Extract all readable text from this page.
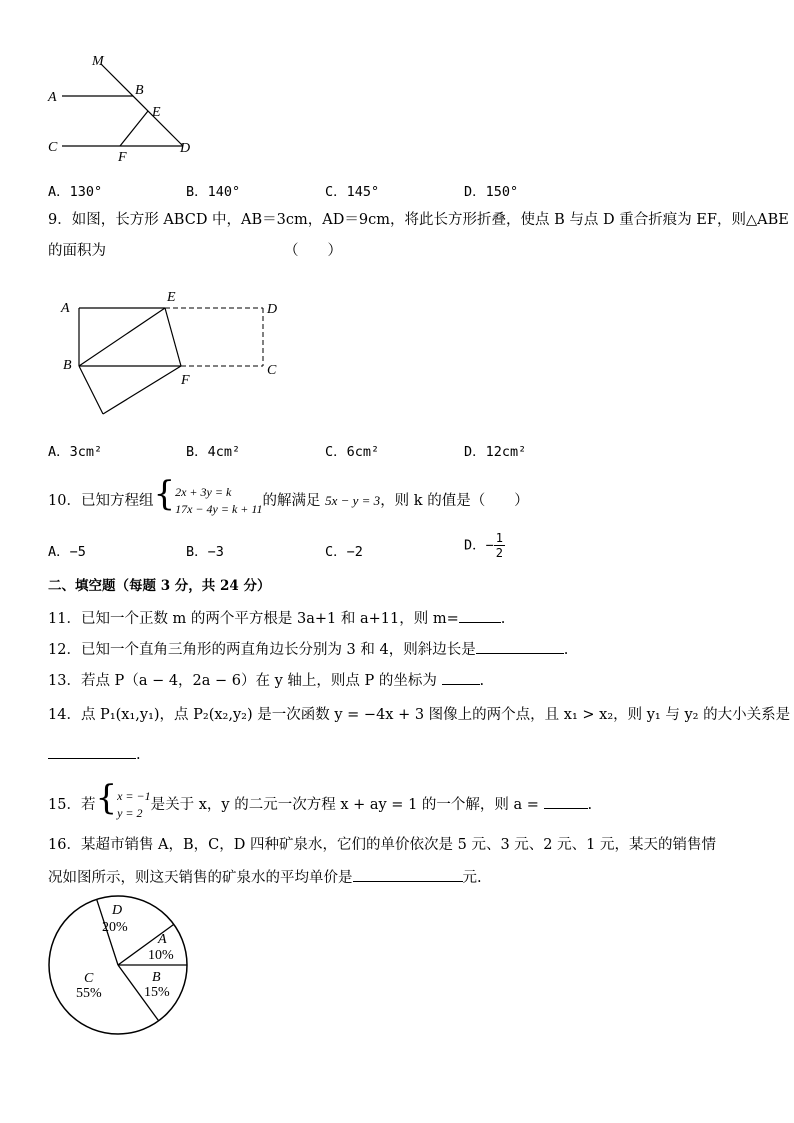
M
A	B
E
C
F
D
A．130°	B．140°	C．145°	D．150°
9．如图，长方形 ABCD 中，AB＝3cm，AD＝9cm，将此长方形折叠，使点 B 与点 D 重合折痕为 EF，则△ABE
的面积为	（　　）
A
E
D
B
F
C
A．3cm²	B．4cm²	C．6cm²	D．12cm²
10．已知方程组{ 2x + 3y = k
17x − 4y = k + 11 的解满足 5x − y = 3，则 k 的值是（　　）
A．−5	B．−3	C．−2	D．− $\frac{1}{2}$
二、填空题（每题 3 分，共 24 分）
11．已知一个正数 m 的两个平方根是 3a+1 和 a+11，则 m=	.
12．已知一个直角三角形的两直角边长分别为 3 和 4，则斜边长是	.
13．若点 P（a − 4，2a − 6）在 y 轴上，则点 P 的坐标为	.
14．点 P₁(x₁,y₁)，点 P₂(x₂,y₂) 是一次函数 y = −4x + 3 图像上的两个点，且 x₁ > x₂，则 y₁ 与 y₂ 的大小关系是
.
15．若{ x = −1
y = 2 是关于 x，y 的二元一次方程 x + ay = 1 的一个解，则 a =	.
16．某超市销售 A，B，C，D 四种矿泉水，它们的单价依次是 5 元、3 元、2 元、1 元，某天的销售情
况如图所示，则这天销售的矿泉水的平均单价是	元.
D
20%
A
10%
B
15%
C
55%
